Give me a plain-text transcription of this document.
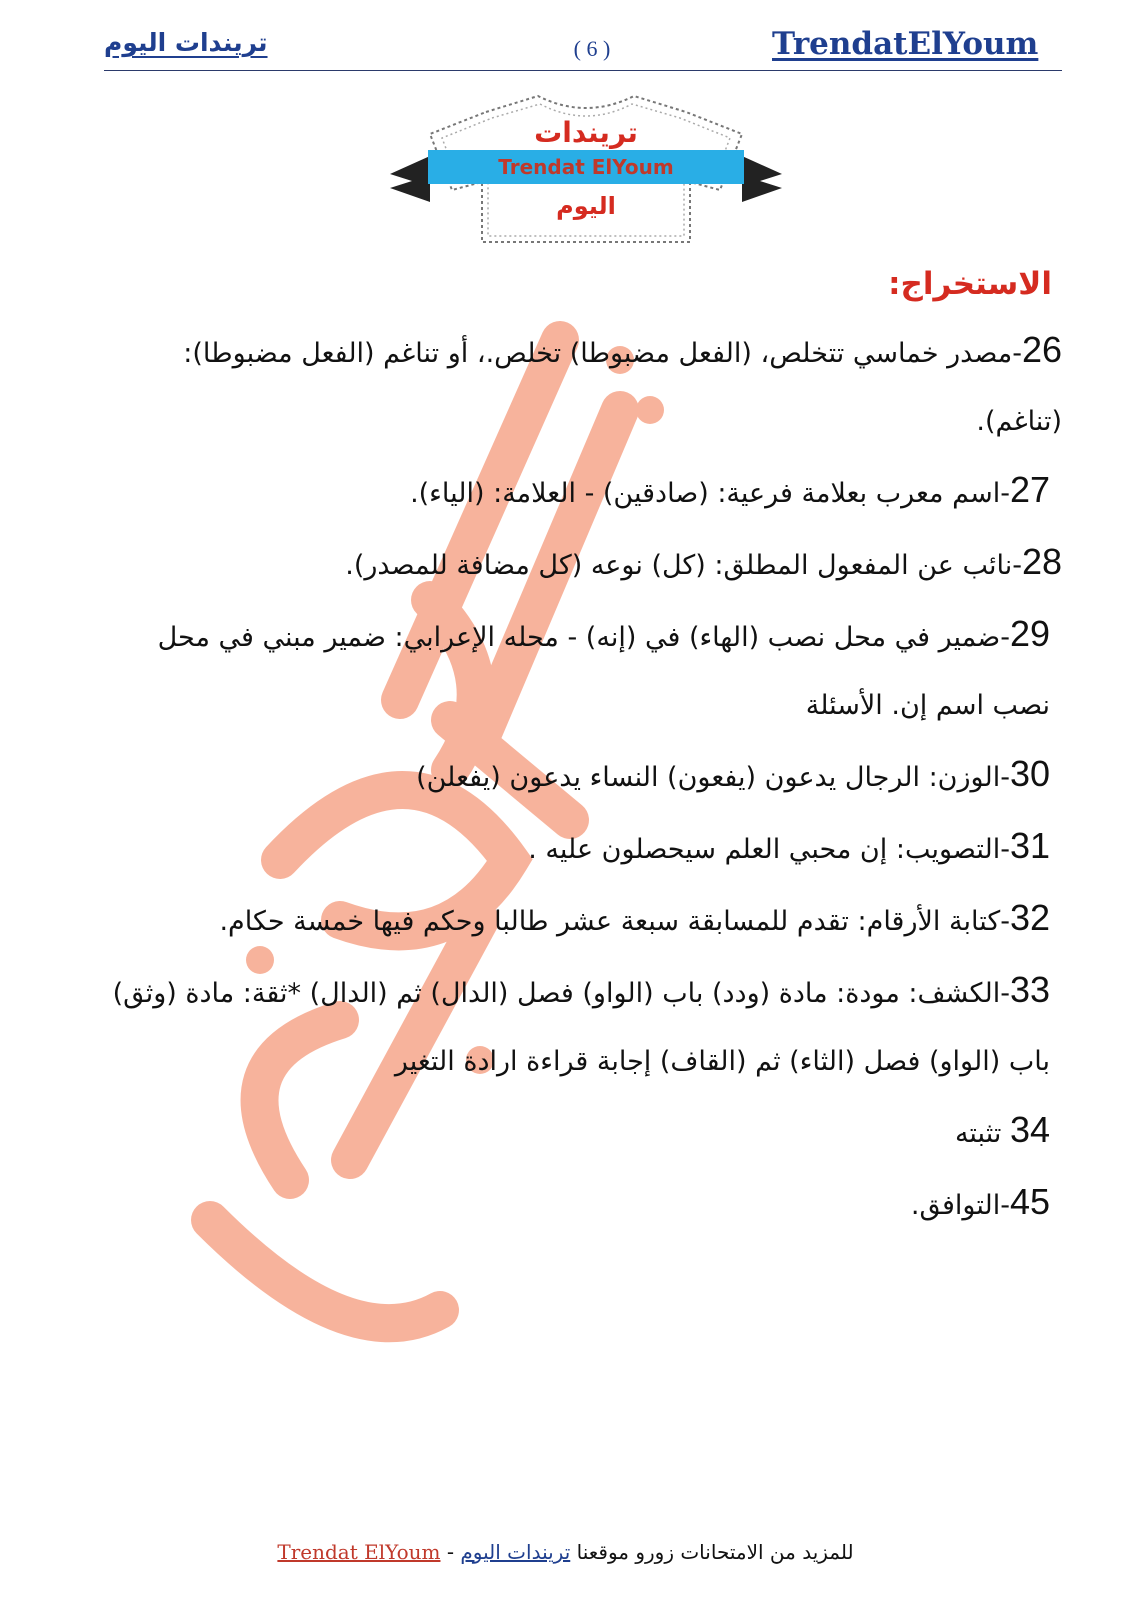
TrendatElYoum
( 6 )
تريندات اليوم
Trendat ElYoum
تريندات
اليوم
الاستخراج:

26-مصدر خماسي تتخلص، (الفعل مضبوطا) تخلص.، أو تناغم (الفعل مضبوطا): (تناغم).

27-اسم معرب بعلامة فرعية: (صادقين) - العلامة: (الياء).

28-نائب عن المفعول المطلق: (كل) نوعه (كل مضافة للمصدر).

29-ضمير في محل نصب (الهاء) في (إنه) - محله الإعرابي: ضمير مبني في محل نصب اسم إن. الأسئلة

30-الوزن: الرجال يدعون (يفعون) النساء يدعون (يفعلن)

31-التصويب: إن محبي العلم سيحصلون عليه .

32-كتابة الأرقام: تقدم للمسابقة سبعة عشر طالبا وحكم فيها خمسة حكام.

33-الكشف: مودة: مادة (ودد) باب (الواو) فصل (الدال) ثم (الدال) *ثقة: مادة (وثق) باب (الواو) فصل (الثاء) ثم (القاف) إجابة قراءة ارادة التغير

34 تثبته

45-التوافق.

للمزيد من الامتحانات زورو موقعنا تريندات اليوم - Trendat ElYoum
